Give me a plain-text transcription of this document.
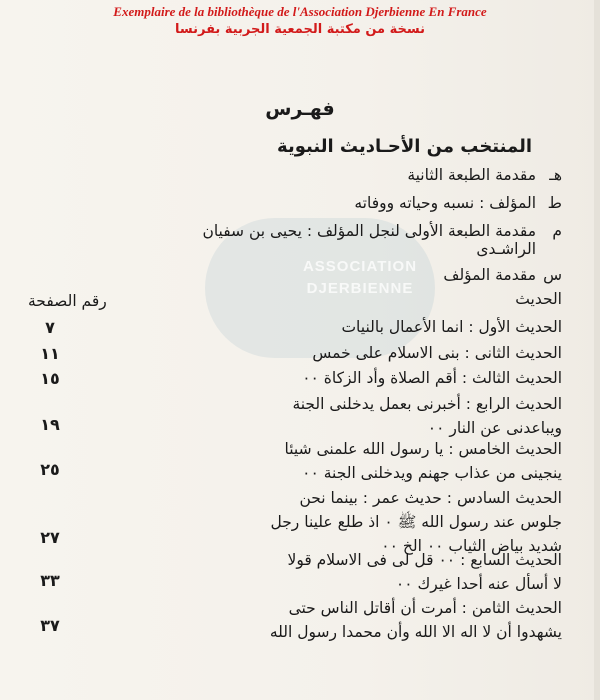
ASSOCIATION
DJERBIENNE
Exemplaire de la bibliothèque de l'Association Djerbienne En France
نسخة من مكتبة الجمعية الجربية بفرنسا
فهـرس
المنتخب من الأحـاديث النبوية
هـمقدمة الطبعة الثانية
طالمؤلف : نسبه وحياته ووفاته
ممقدمة الطبعة الأولى لنجل المؤلف : يحيى بن سفيان
الراشـدى
سمقدمة المؤلف
الحديث
رقم الصفحة
الحديث الأول : انما الأعمال بالنيات
٧
الحديث الثانى : بنى الاسلام على خمس
١١
الحديث الثالث : أقم الصلاة وأد الزكاة ٠٠
١٥
الحديث الرابع : أخبرنى بعمل يدخلنى الجنة
ويباعدنى عن النار ٠٠
١٩
الحديث الخامس : يا رسول الله علمنى شيئا
ينجينى من عذاب جهنم ويدخلنى الجنة ٠٠
٢٥
الحديث السادس : حديث عمر : بينما نحن
جلوس عند رسول الله ﷺ ٠ اذ طلع علينا رجل
شديد بياض الثياب ٠٠ الخ ٠٠
٢٧
الحديث السابع : ٠٠ قل لى فى الاسلام قولا
لا أسأل عنه أحدا غيرك ٠٠
٣٣
الحديث الثامن : أمرت أن أقاتل الناس حتى
يشهدوا أن لا اله الا الله وأن محمدا رسول الله
٣٧
